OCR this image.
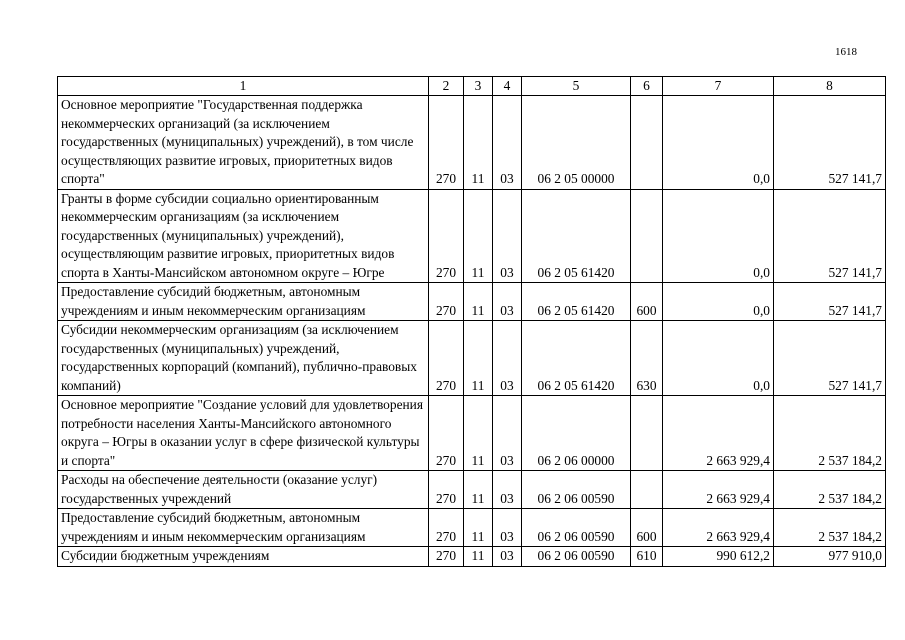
1618
1	2	3	4	5	6	7	8
Основное мероприятие "Государственная поддержка некоммерческих организаций (за исключением государственных (муниципальных) учреждений), в том числе осуществляющих развитие игровых, приоритетных видов спорта"	270	11	03	06 2 05 00000		0,0	527 141,7
Гранты в форме субсидии социально ориентированным некоммерческим организациям (за исключением государственных (муниципальных) учреждений), осуществляющим развитие игровых, приоритетных видов спорта в Ханты-Мансийском автономном округе – Югре	270	11	03	06 2 05 61420		0,0	527 141,7
Предоставление субсидий бюджетным, автономным учреждениям и иным некоммерческим организациям	270	11	03	06 2 05 61420	600	0,0	527 141,7
Субсидии некоммерческим организациям (за исключением государственных (муниципальных) учреждений, государственных корпораций (компаний), публично-правовых компаний)	270	11	03	06 2 05 61420	630	0,0	527 141,7
Основное мероприятие "Создание условий для удовлетворения потребности населения Ханты-Мансийского автономного округа – Югры в оказании услуг в сфере физической культуры и спорта"	270	11	03	06 2 06 00000		2 663 929,4	2 537 184,2
Расходы на обеспечение деятельности (оказание услуг) государственных учреждений	270	11	03	06 2 06 00590		2 663 929,4	2 537 184,2
Предоставление субсидий бюджетным, автономным учреждениям и иным некоммерческим организациям	270	11	03	06 2 06 00590	600	2 663 929,4	2 537 184,2
Субсидии бюджетным учреждениям	270	11	03	06 2 06 00590	610	990 612,2	977 910,0
